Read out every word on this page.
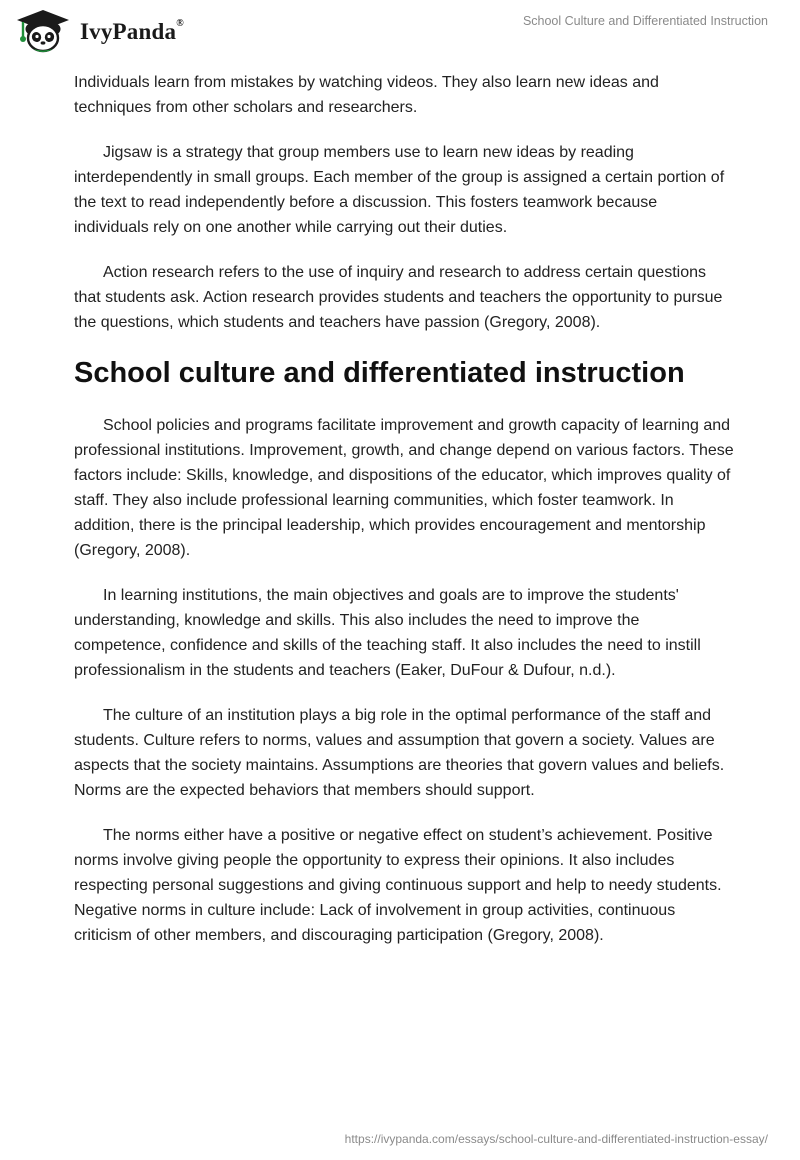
IvyPanda®	School Culture and Differentiated Instruction

Individuals learn from mistakes by watching videos. They also learn new ideas and techniques from other scholars and researchers.

Jigsaw is a strategy that group members use to learn new ideas by reading interdependently in small groups. Each member of the group is assigned a certain portion of the text to read independently before a discussion. This fosters teamwork because individuals rely on one another while carrying out their duties.

Action research refers to the use of inquiry and research to address certain questions that students ask. Action research provides students and teachers the opportunity to pursue the questions, which students and teachers have passion (Gregory, 2008).

School culture and differentiated instruction

School policies and programs facilitate improvement and growth capacity of learning and professional institutions. Improvement, growth, and change depend on various factors. These factors include: Skills, knowledge, and dispositions of the educator, which improves quality of staff. They also include professional learning communities, which foster teamwork. In addition, there is the principal leadership, which provides encouragement and mentorship (Gregory, 2008).

In learning institutions, the main objectives and goals are to improve the students' understanding, knowledge and skills. This also includes the need to improve the competence, confidence and skills of the teaching staff. It also includes the need to instill professionalism in the students and teachers (Eaker, DuFour & Dufour, n.d.).

The culture of an institution plays a big role in the optimal performance of the staff and students. Culture refers to norms, values and assumption that govern a society. Values are aspects that the society maintains. Assumptions are theories that govern values and beliefs. Norms are the expected behaviors that members should support.

The norms either have a positive or negative effect on student’s achievement. Positive norms involve giving people the opportunity to express their opinions. It also includes respecting personal suggestions and giving continuous support and help to needy students. Negative norms in culture include: Lack of involvement in group activities, continuous criticism of other members, and discouraging participation (Gregory, 2008).

https://ivypanda.com/essays/school-culture-and-differentiated-instruction-essay/
